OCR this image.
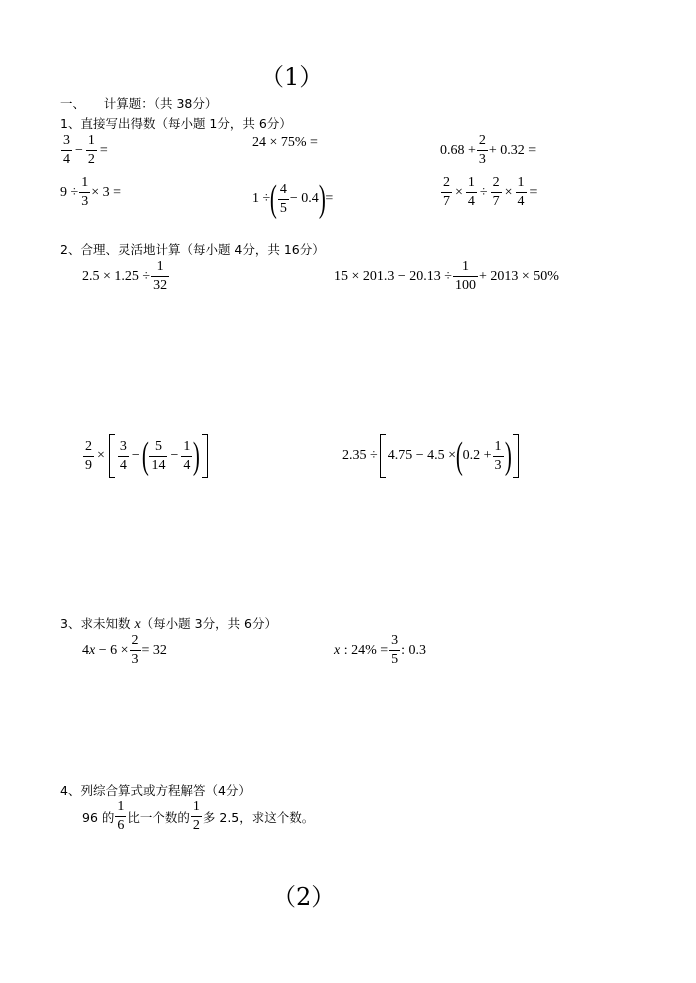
（1）
一、　　计算题：（共 38分）
1、直接写出得数（每小题 1分，共 6分）
$\frac{3}{4} - \frac{1}{2}$ =	24 × 75% =	$0.68 + \frac{2}{3} + 0.32$ =
$9 \div \frac{1}{3} \times 3$ =	1 ÷ ( $\frac{4}{5} - 0.4$ ) =	$\frac{2}{7} \times \frac{1}{4} \div \frac{2}{7} \times \frac{1}{4}$ =
2、合理、灵活地计算（每小题 4分，共 16分）
$2.5 \times 1.25 \div \frac{1}{32}$	$15 \times 201.3 - 20.13 \div \frac{1}{100} + 2013 \times 50\%$
$\frac{2}{9} \times \frac{3}{4}$ − ( $\frac{5}{14} - \frac{1}{4}$ )	2.35 ÷ 4.75 − 4.5 × ( $0.2 + \frac{1}{3}$ )
3、求未知数 x（每小题 3分，共 6分）
4 $x - 6 \times \frac{2}{3} = 32$	x : $24\% = \frac{3}{5}$ : 0.3
4、列综合算式或方程解答（4分）
96 的 $\frac{1}{6}$ 比一个数的 $\frac{1}{2}$ 多 2.5，求这个数。
（2）
